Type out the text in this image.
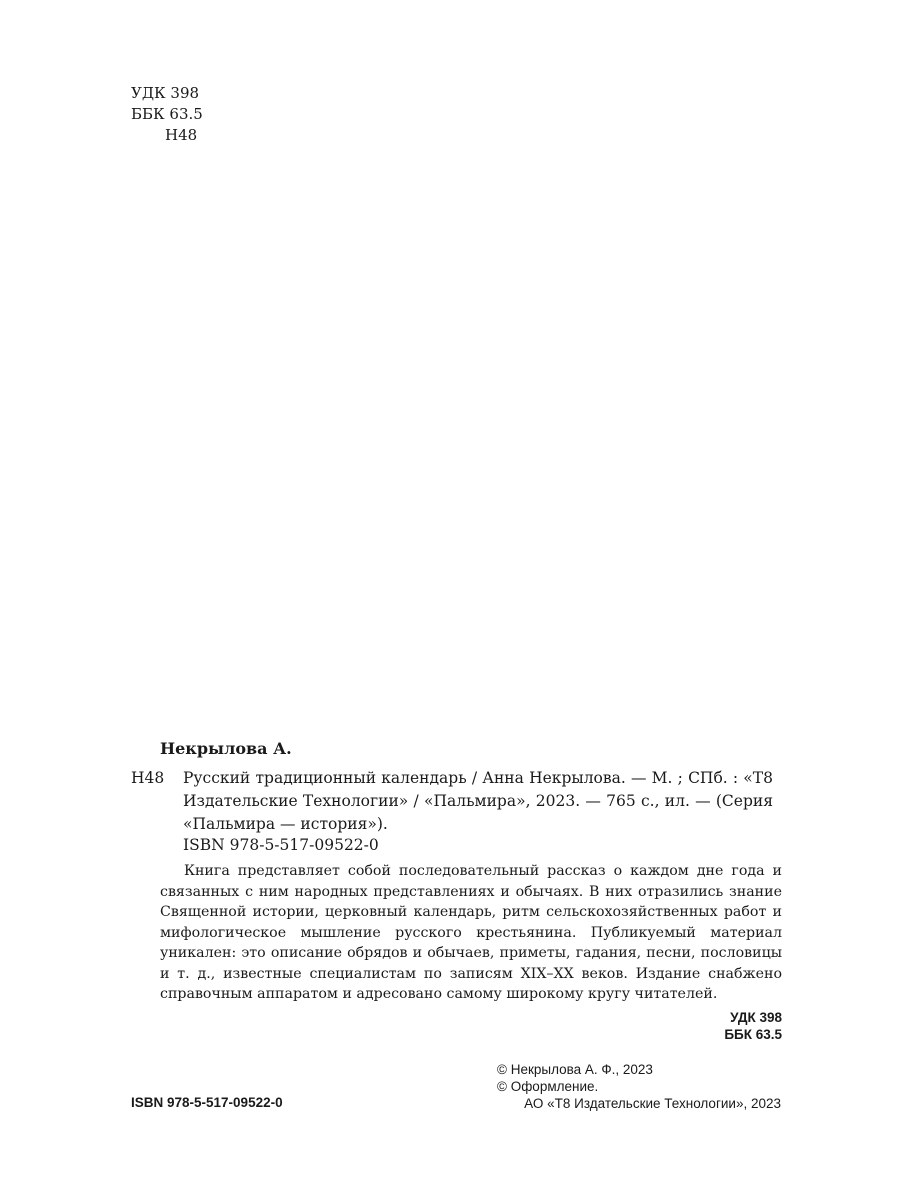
УДК 398
ББК 63.5
Н48
Некрылова А.
Н48 Русский традиционный календарь / Анна Некрылова. — М. ; СПб. : «Т8 Издательские Технологии» / «Пальмира», 2023. — 765 с., ил. — (Серия «Пальмира — история»).
ISBN 978-5-517-09522-0
Книга представляет собой последовательный рассказ о каждом дне года и связанных с ним народных представлениях и обычаях. В них отразились знание Священной истории, церковный календарь, ритм сельскохозяйственных работ и мифологическое мышление русского крестьянина. Публикуемый материал уникален: это описание обрядов и обычаев, приметы, гадания, песни, пословицы и т. д., известные специалистам по записям XIX–XX веков. Издание снабжено справочным аппаратом и адресовано самому широкому кругу читателей.
УДК 398
ББК 63.5
© Некрылова А. Ф., 2023
© Оформление.
АО «Т8 Издательские Технологии», 2023
ISBN 978-5-517-09522-0
